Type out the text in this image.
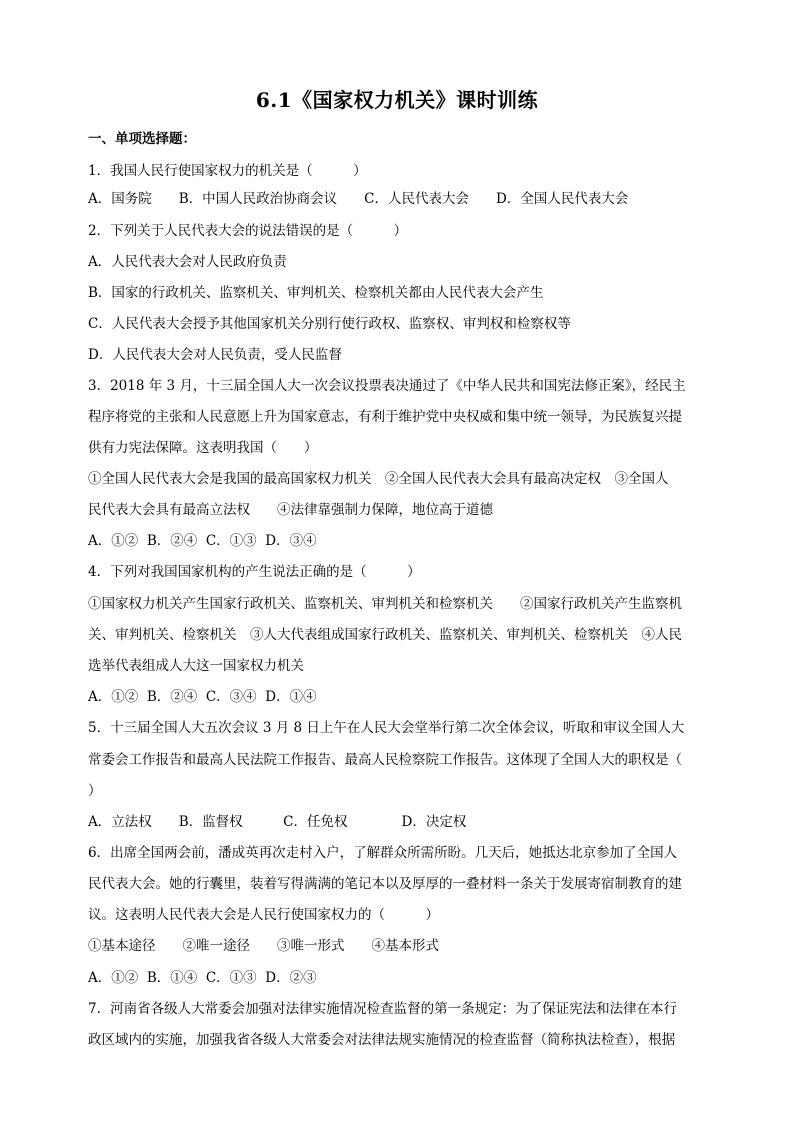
6.1《国家权力机关》课时训练
一、单项选择题：
1．我国人民行使国家权力的机关是（　　　）
A．国务院　　B．中国人民政治协商会议　　C．人民代表大会　　D．全国人民代表大会
2．下列关于人民代表大会的说法错误的是（　　　）
A．人民代表大会对人民政府负责
B．国家的行政机关、监察机关、审判机关、检察机关都由人民代表大会产生
C．人民代表大会授予其他国家机关分别行使行政权、监察权、审判权和检察权等
D．人民代表大会对人民负责，受人民监督
3．2018 年 3 月，十三届全国人大一次会议投票表决通过了《中华人民共和国宪法修正案》，经民主
程序将党的主张和人民意愿上升为国家意志，有利于维护党中央权威和集中统一领导，为民族复兴提
供有力宪法保障。这表明我国（　　）
①全国人民代表大会是我国的最高国家权力机关　②全国人民代表大会具有最高决定权　③全国人
民代表大会具有最高立法权　　④法律靠强制力保障，地位高于道德
A．①②  B．②④  C．①③  D．③④
4．下列对我国国家机构的产生说法正确的是（　　　）
①国家权力机关产生国家行政机关、监察机关、审判机关和检察机关　　②国家行政机关产生监察机
关、审判机关、检察机关　③人大代表组成国家行政机关、监察机关、审判机关、检察机关　④人民
选举代表组成人大这一国家权力机关
A．①②  B．②④  C．③④  D．①④
5．十三届全国人大五次会议 3 月 8 日上午在人民大会堂举行第二次全体会议，听取和审议全国人大
常委会工作报告和最高人民法院工作报告、最高人民检察院工作报告。这体现了全国人大的职权是（
）
A．立法权　　B．监督权　　　C．任免权　　　　D．决定权
6．出席全国两会前，潘成英再次走村入户，了解群众所需所盼。几天后，她抵达北京参加了全国人
民代表大会。她的行囊里，装着写得满满的笔记本以及厚厚的一叠材料一条关于发展寄宿制教育的建
议。这表明人民代表大会是人民行使国家权力的（　　　）
①基本途径　　②唯一途径　　③唯一形式　　④基本形式
A．①②  B．①④  C．①③  D．②③
7．河南省各级人大常委会加强对法律实施情况检查监督的第一条规定：为了保证宪法和法律在本行
政区域内的实施，加强我省各级人大常委会对法律法规实施情况的检查监督（简称执法检查），根据
